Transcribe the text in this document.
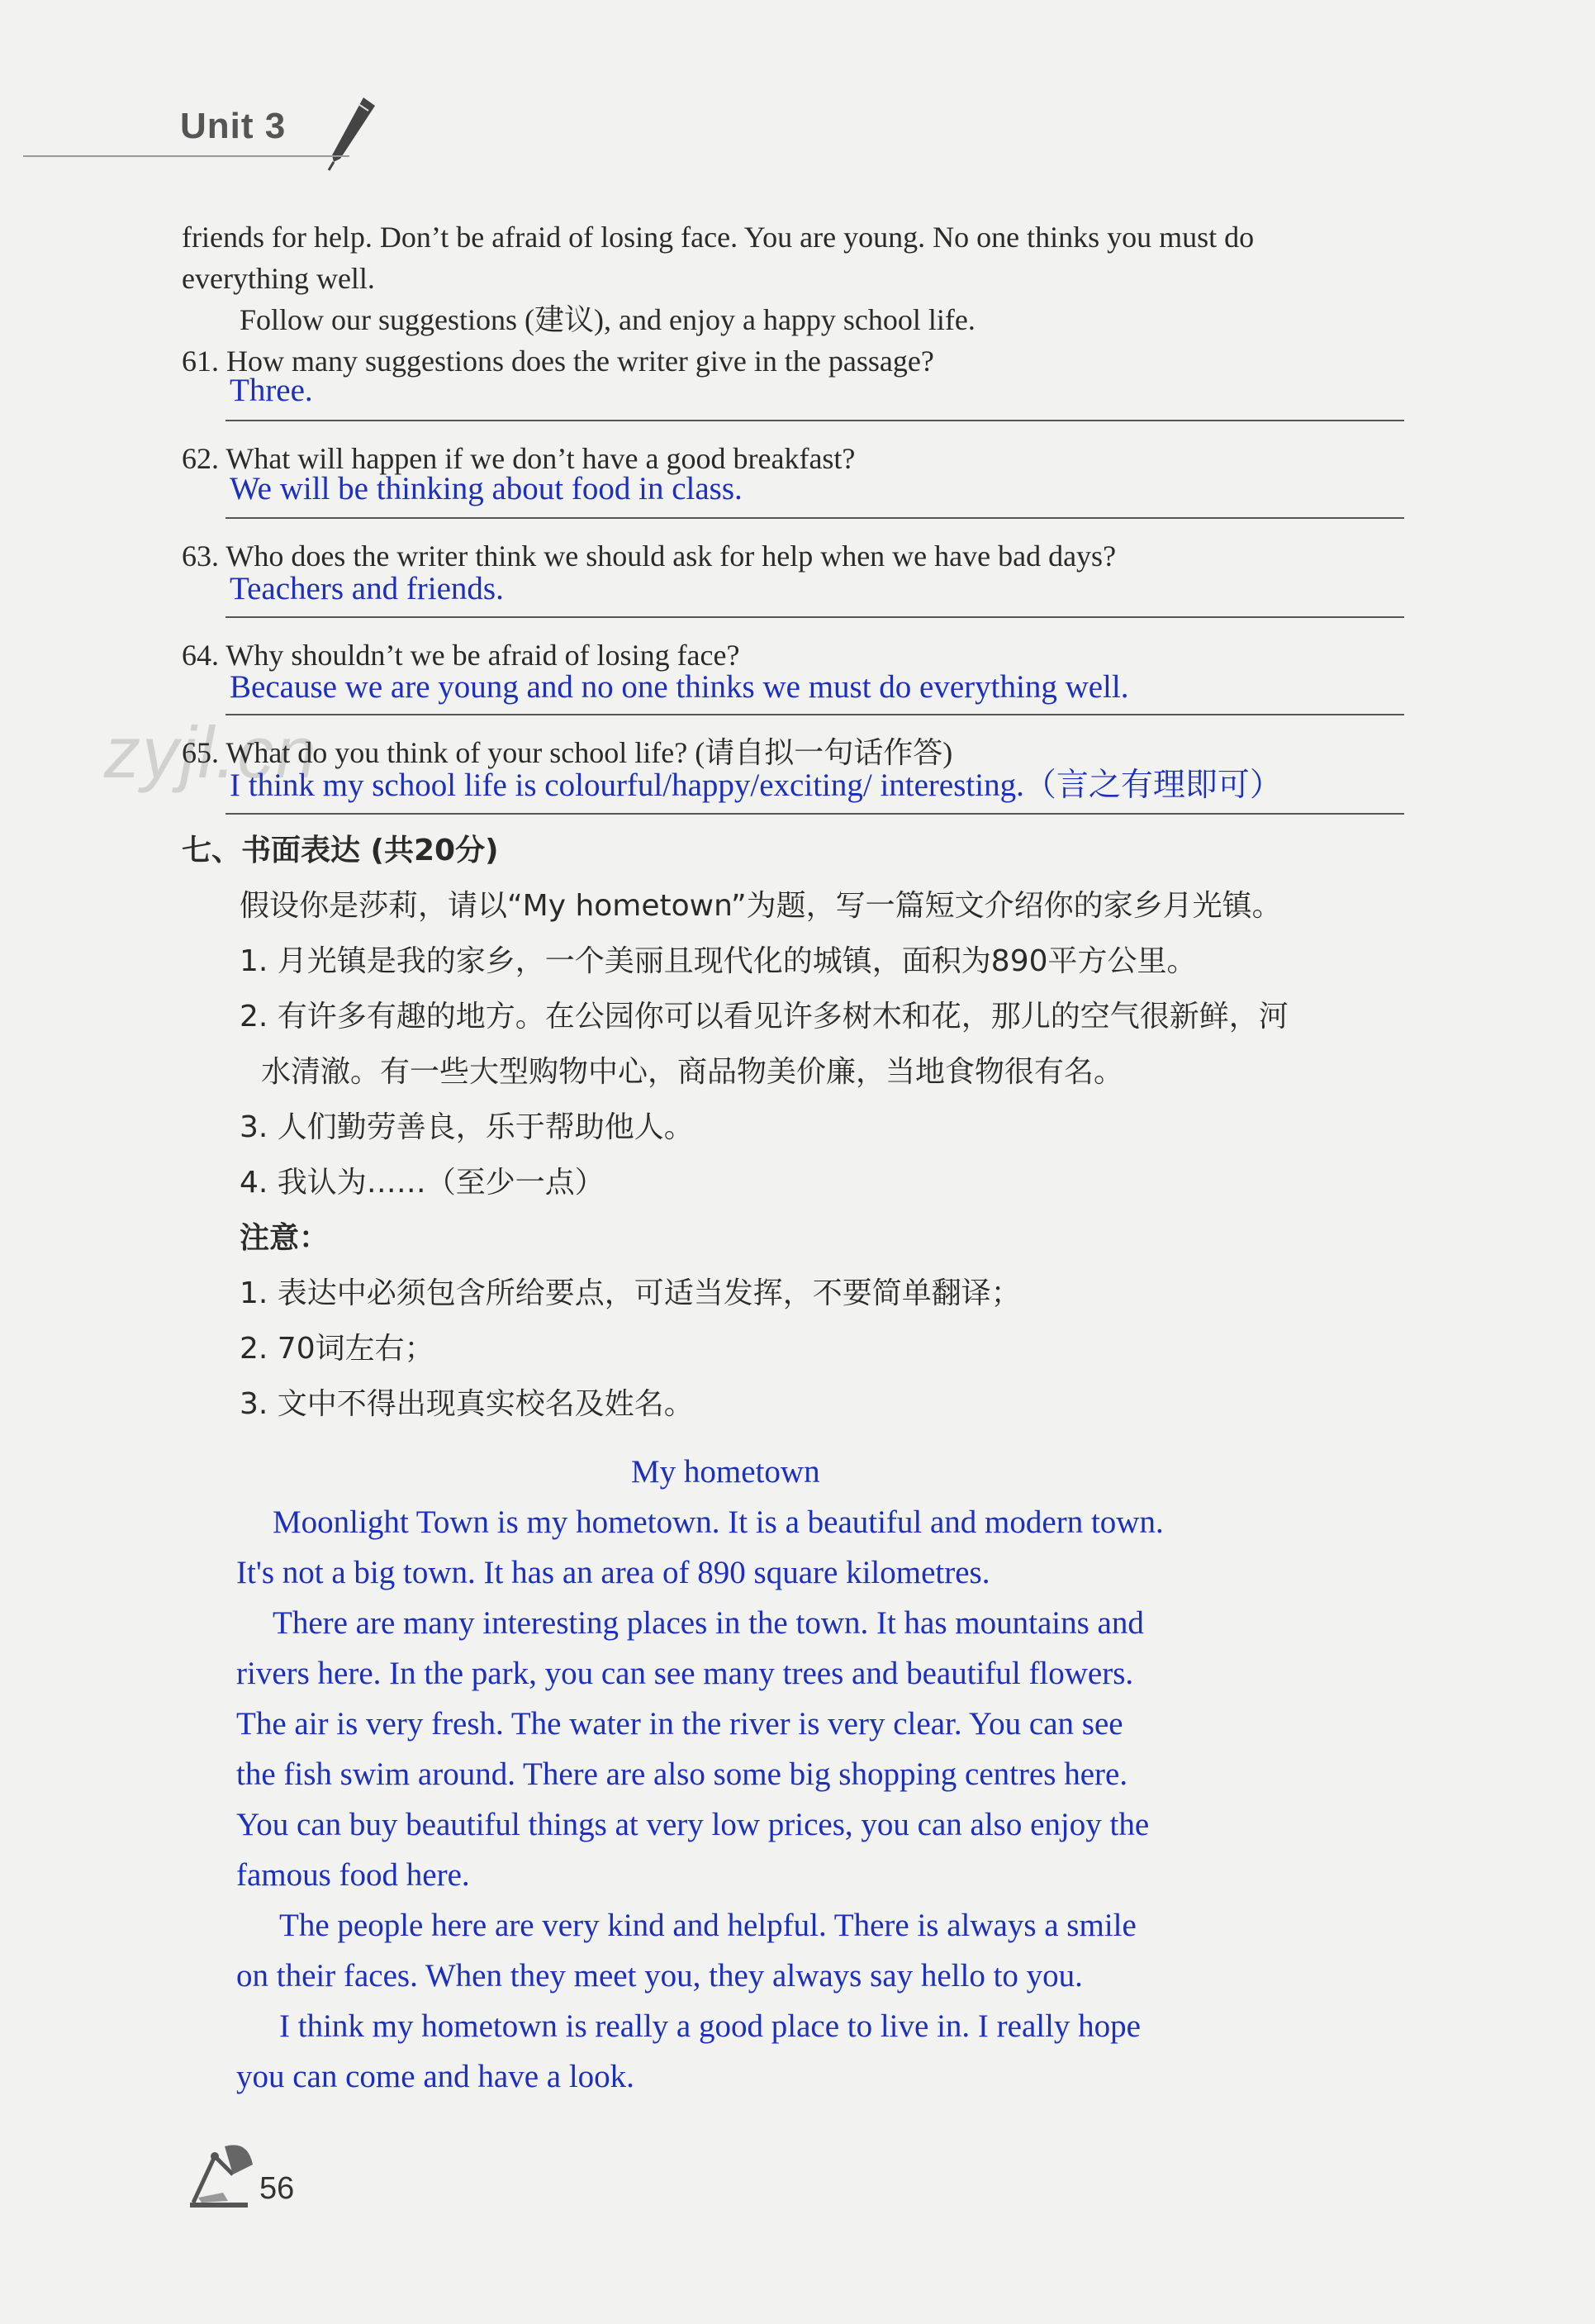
Unit 3
friends for help. Don’t be afraid of losing face. You are young. No one thinks you must do
everything well.
Follow our suggestions (建议), and enjoy a happy school life.
61. How many suggestions does the writer give in the passage?
Three.
62. What will happen if we don’t have a good breakfast?
We will be thinking about food in class.
63. Who does the writer think we should ask for help when we have bad days?
Teachers and friends.
64. Why shouldn’t we be afraid of losing face?
Because we are young and no one thinks we must do everything well.
zyjl.cn
65. What do you think of your school life? (请自拟一句话作答)
I think my school life is colourful/happy/exciting/ interesting.（言之有理即可）
七、书面表达 (共20分)
假设你是莎莉，请以“My hometown”为题，写一篇短文介绍你的家乡月光镇。
1. 月光镇是我的家乡，一个美丽且现代化的城镇，面积为890平方公里。
2. 有许多有趣的地方。在公园你可以看见许多树木和花，那儿的空气很新鲜，河
水清澈。有一些大型购物中心，商品物美价廉，当地食物很有名。
3. 人们勤劳善良，乐于帮助他人。
4. 我认为……（至少一点）
注意：
1. 表达中必须包含所给要点，可适当发挥，不要简单翻译；
2. 70词左右；
3. 文中不得出现真实校名及姓名。
My hometown
Moonlight Town is my hometown. It is a beautiful and modern town.
It's not a big town. It has an area of 890 square kilometres.
There are many interesting places in the town. It has mountains and
rivers here. In the park, you can see many trees and beautiful flowers.
The air is very fresh. The water in the river is very clear. You can see
the fish swim around. There are also some big shopping centres here.
You can buy beautiful things at very low prices, you can also enjoy the
famous food here.
The people here are very kind and helpful. There is always a smile
on their faces. When they meet you, they always say hello to you.
I think my hometown is really a good place to live in. I really hope
you can come and have a look.
56
